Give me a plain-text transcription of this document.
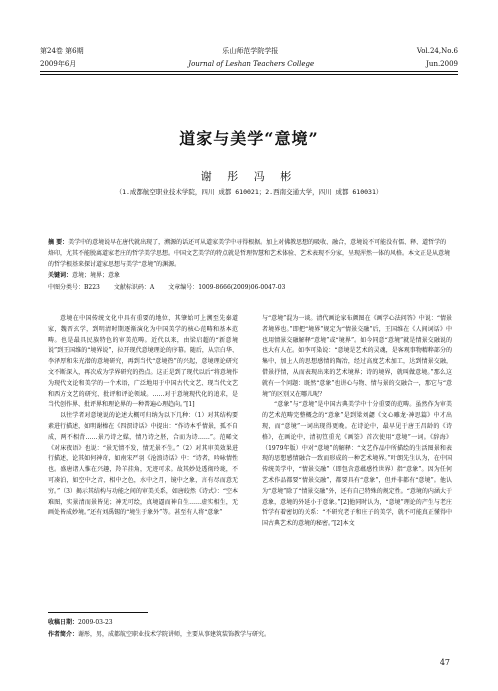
第24卷 第6期	乐山师范学院学报	Vol.24,No.6
2009年6月	Journal of Leshan Teachers College	Jun.2009
道家与美学“意境”
谢 彤 冯 彬
（1.成都航空职业技术学院，四川 成都 610021；2.西南交通大学，四川 成都 610031）
摘 要：美学中的意境说早在唐代就出现了，溯源的话还可从道家美学中寻得根据。加上对佛教思想的吸收、融合，意境说不可能没有儒、释、道哲学的烙印，尤其不能脱离道家老庄的哲学美学思想。中国文艺美学的特点就是哲理智慧和艺术体验、艺术表现不分家，呈现浑然一体的风格。本文正是从意境的哲学根基来探讨道家思想与美学“意境”的渊源。
关键词：意境；境界；意象
中图分类号：B223 文献标识码：A 文章编号：1009-8666(2009)06-0047-03

意境在中国传统文化中具有重要的地位，其肇始可上溯至先秦道家，魏晋玄学，到明清时期逐渐演化为中国美学的核心范畴和基本范畴。也是最具民族特色的审美范畴。近代以来，由梁启超的“新意境说”到王国维的“境界说”，拉开现代意境理论的序幕。随后，从宗白华、李泽厚和朱光潜的意境研究，再到当代“意境热”的兴起，意境理论研究文不断深入，再次成为学界研究的热点。这正是到了现代以后“将意境作为现代文论和美学的一个术语，广泛地用于中国古代文艺、现当代文艺和西方文艺的研究、批评和评论领域。……对于意境现代化的追求，是当代创作界、批评界和理论界的一种普遍心理趋向。”[1]

以往学者对意境说的论述大概可归纳为以下几种：（1）对其结构要素进行描述，如明谢榛在《四溟诗话》中提出：“作诗本乎情景，孤不自成，两不相背……景乃诗之媒，情乃诗之胚，合而为诗……”。范晞文《对床夜语》也说：“景无情不发，情无景不生。”（2）对其审美效果进行描述，论其如何神奇，如南宋严羽《沧浪诗话》中：“诗者，吟咏情性也。盛唐诸人惟在兴趣，羚羊挂角，无迹可求。故其妙处透彻玲珑，不可凑泊，如空中之音，相中之色，水中之月，镜中之象，言有尽而意无穷。”（3）揭示其结构与功能之间的审美关系，如唐皎然《诗式》：“空本难图，实景清而景皆见；神无可绘，真境逼而神自生……虚实相生，无画处皆成妙境。”还有刘禹锡的“境生于象外”等。甚至有人将“意象”

与“意境”混为一谈。清代画论家布颜图在《画学心法问答》中说：“情景者境界也。”即把“境界”规定为“情景交融”后，王国维在《人间词话》中也用情景交融解释“意境”或“境界”。如今同意“意境”就是情景交融说的也大有人在。如李可染说：“意境是艺术的灵魂，是客观事物精粹部分的集中，加上人的思想感情的陶冶，经过高度艺术加工，达到情景交融，借景抒情，从而表现出来的艺术境界；诗的境界，就叫做意境。”那么这就有一个问题：既然“意象”也讲心与物、情与景的交融合一，那它与“意境”的区别又在哪儿呢？

“意象”与“意境”是中国古典美学中十分重要的范畴。虽然作为审美的艺术范畴完整概念的“意象”是到梁刘勰《文心雕龙·神思篇》中才出现，而“意境”一词出现得更晚。在诗论中，最早见于唐王昌龄的《诗格》，在画论中，清初笪重光《画筌》首次使用“意境”一词。《辞海》（1979年版）中对“意境”的解释：“文艺作品中所描绘的生活图景和表现的思想感情融合一致而形成的一种艺术境界。”叶朗先生认为，在中国传统美学中，“情景交融”（即包含意蕴感性世界）指“意象”。因为任何艺术作品都要“情景交融”，都要具有“意象”，但并非都有“意境”。他认为“意境”除了“情景交融”外，还有自己特殊的规定性。“意境的内涵大于意象，意境的外延小于意象。”[2]他同时认为，“意境”理论的产生与老庄哲学有着密切的关系：“不研究老子和庄子的美学，就不可能真正懂得中国古典艺术的意境的秘密。”[2]本文

收稿日期：2009-03-23
作者简介：谢彤，男，成都航空职业技术学院讲师，主要从事建筑装饰教学与研究。
47
